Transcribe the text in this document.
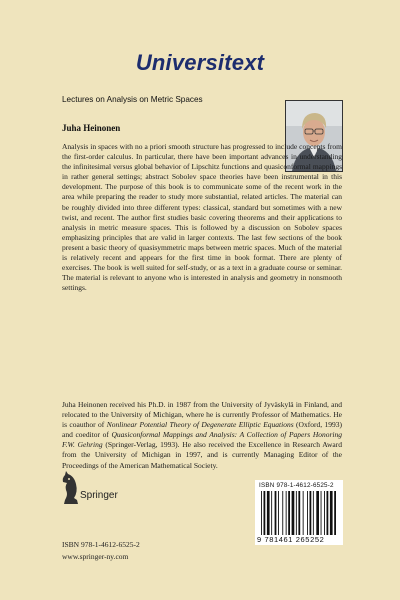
Universitext
Lectures on Analysis on Metric Spaces
Juha Heinonen
Analysis in spaces with no a priori smooth structure has progressed to include concepts from the first-order calculus. In particular, there have been important advances in understanding the infinitesimal versus global behavior of Lipschitz functions and quasiconformal mappings in rather general settings; abstract Sobolev space theories have been instrumental in this development. The purpose of this book is to communicate some of the recent work in the area while preparing the reader to study more substantial, related articles. The material can be roughly divided into three different types: classical, standard but sometimes with a new twist, and recent. The author first studies basic covering theorems and their applications to analysis in metric measure spaces. This is followed by a discussion on Sobolev spaces emphasizing principles that are valid in larger contexts. The last few sections of the book present a basic theory of quasisymmetric maps between metric spaces. Much of the material is relatively recent and appears for the first time in book format. There are plenty of exercises. The book is well suited for self-study, or as a text in a graduate course or seminar. The material is relevant to anyone who is interested in analysis and geometry in nonsmooth settings.
Juha Heinonen received his Ph.D. in 1987 from the University of Jyväskylä in Finland, and relocated to the University of Michigan, where he is currently Professor of Mathematics. He is coauthor of Nonlinear Potential Theory of Degenerate Elliptic Equations (Oxford, 1993) and coeditor of Quasiconformal Mappings and Analysis: A Collection of Papers Honoring F.W. Gehring (Springer-Verlag, 1993). He also received the Excellence in Research Award from the University of Michigan in 1997, and is currently Managing Editor of the Proceedings of the American Mathematical Society.
Springer
ISBN 978-1-4612-6525-2
www.springer-ny.com
ISBN 978-1-4612-6525-2
9 781461 265252
